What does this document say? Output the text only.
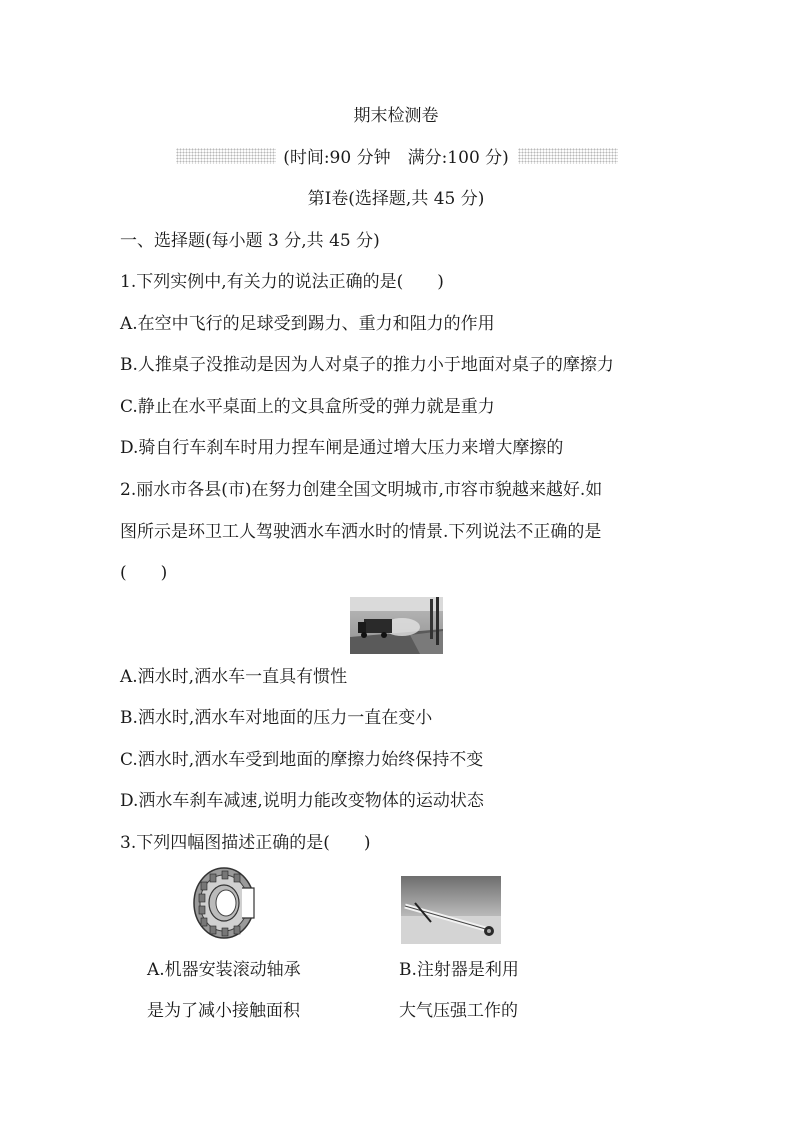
期末检测卷
(时间:90 分钟　满分:100 分)
第Ⅰ卷(选择题,共 45 分)
一、选择题(每小题 3 分,共 45 分)
1.下列实例中,有关力的说法正确的是(　　)
A.在空中飞行的足球受到踢力、重力和阻力的作用
B.人推桌子没推动是因为人对桌子的推力小于地面对桌子的摩擦力
C.静止在水平桌面上的文具盒所受的弹力就是重力
D.骑自行车刹车时用力捏车闸是通过增大压力来增大摩擦的
2.丽水市各县(市)在努力创建全国文明城市,市容市貌越来越好.如
图所示是环卫工人驾驶洒水车洒水时的情景.下列说法不正确的是
(　　)
A.洒水时,洒水车一直具有惯性
B.洒水时,洒水车对地面的压力一直在变小
C.洒水时,洒水车受到地面的摩擦力始终保持不变
D.洒水车刹车减速,说明力能改变物体的运动状态
3.下列四幅图描述正确的是(　　)
A.机器安装滚动轴承
是为了减小接触面积
B.注射器是利用
大气压强工作的
